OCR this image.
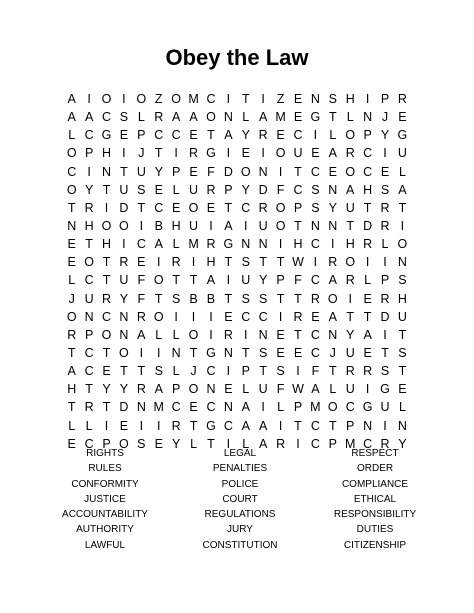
Obey the Law
A I O I O Z O M C I T I Z E N S H I P R
A A C S L R A A O N L A M E G T L N J E
L C G E P C C E T A Y R E C I L O P Y G
O P H I	J T I R G I E I O U E A R C I U
C I N T U Y P E F D O N I T C E O C E L
O Y T U S E L U R P Y D F C S N A H S A
T R I D T C E O E T C R O P S Y U T R T
N H O O I B H U I A I U O T N N T D R I
E T H I C A L M R G N N I H C I H R L O
E O T R E I R I H T S T T W I R O I	I N
L C T U F O T T A I U Y P F C A R L P S
J U R Y F T S B B T S S T T R O I E R H
O N C N R O I	I	I E C C I R E A T T D U
R P O N A L L O I R I N E T C N Y A I T
T C T O I	I N T G N T S E E C J U E T S
A C E T T S L J C I P T S I F T R R S T
H T Y Y R A P O N E L U F W A L U I G E
T R T D N M C E C N A I L P M O C G U L
L L I E I	I R T G C A A I T C T P N I N
E C P O S E Y L T I L A R I C P M C R Y
RIGHTS
RULES
CONFORMITY
JUSTICE
ACCOUNTABILITY
AUTHORITY
LAWFUL
LEGAL
PENALTIES
POLICE
COURT
REGULATIONS
JURY
CONSTITUTION
RESPECT
ORDER
COMPLIANCE
ETHICAL
RESPONSIBILITY
DUTIES
CITIZENSHIP
